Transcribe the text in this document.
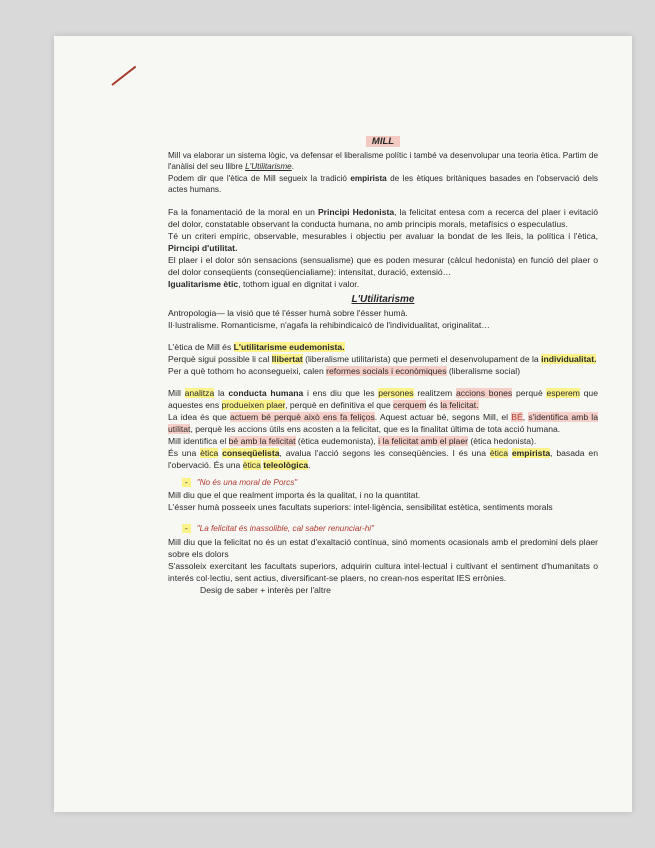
MILL

Mill va elaborar un sistema lògic, va defensar el liberalisme polític i també va desenvolupar una teoria ètica. Partim de l'anàlisi del seu llibre L'Utilitarisme.

Podem dir que l'ètica de Mill segueix la tradició empirista de les ètiques britàniques basades en l'observació dels actes humans.

Fa la fonamentació de la moral en un Principi Hedonista, la felicitat entesa com a recerca del plaer i evitació del dolor, constatable observant la conducta humana, no amb principis morals, metafísics o especulatius.

Té un criteri empíric, observable, mesurables i objectiu per avaluar la bondat de les lleis, la política i l'ètica, Pirncipi d'utilitat.

El plaer i el dolor són sensacions (sensualisme) que es poden mesurar (càlcul hedonista) en funció del plaer o del dolor conseqüents (conseqüencialiame): intensitat, duració, extensió…

Igualitarisme ètic, tothom igual en dignitat i valor.

L'Utilitarisme

Antropologia— la visió que té l'ésser humà sobre l'ésser humà.

Il·lustralisme. Romanticisme, n'agafa la rehibindicaicó de l'individualitat, originalitat…

L'ètica de Mill és L'utilitarisme eudemonista.

Perquè sigui possible li cal llibertat (liberalisme utilitarista) que permeti el desenvolupament de la individualitat.

Per a què tothom ho aconsegueixi, calen reformes socials i econòmiques (liberalisme social)

Mill analitza la conducta humana i ens diu que les persones realitzem accions bones perquè esperem que aquestes ens produeixen plaer, perquè en definitiva el que cerquem és la felicitat.

La idea és que actuem bé perquè això ens fa feliços. Aquest actuar bé, segons Mill, el BÉ, s'identifica amb la utilitat, perquè les accions útils ens acosten a la felicitat, que es la finalitat última de tota acció humana.

Mill identifica el bé amb la felicitat (ètica eudemonista), i la felicitat amb el plaer (ètica hedonista).

És una ètica conseqüelista, avalua l'acció segons les conseqüències. I és una ètica empirista, basada en l'obervació. És una ètica teleològica.

- "No és una moral de Porcs"

Mill diu que el que realment importa és la qualitat, i no la quantitat.

L'ésser humà posseeix unes facultats superiors: intel·ligència, sensibilitat estètica, sentiments morals

- "La felicitat és inassolible, cal saber renunciar-hi"

Mill diu que la felicitat no és un estat d'exaltació contínua, sinó moments ocasionals amb el predomini dels plaer sobre els dolors

S'assoleix exercitant les facultats superiors, adquirin cultura intel·lectual i cultivant el sentiment d'humanitats o interés col·lectiu, sent actius, diversificant-se plaers, no crean-nos esperitat IES errònies.

Desig de saber + interès per l'altre
